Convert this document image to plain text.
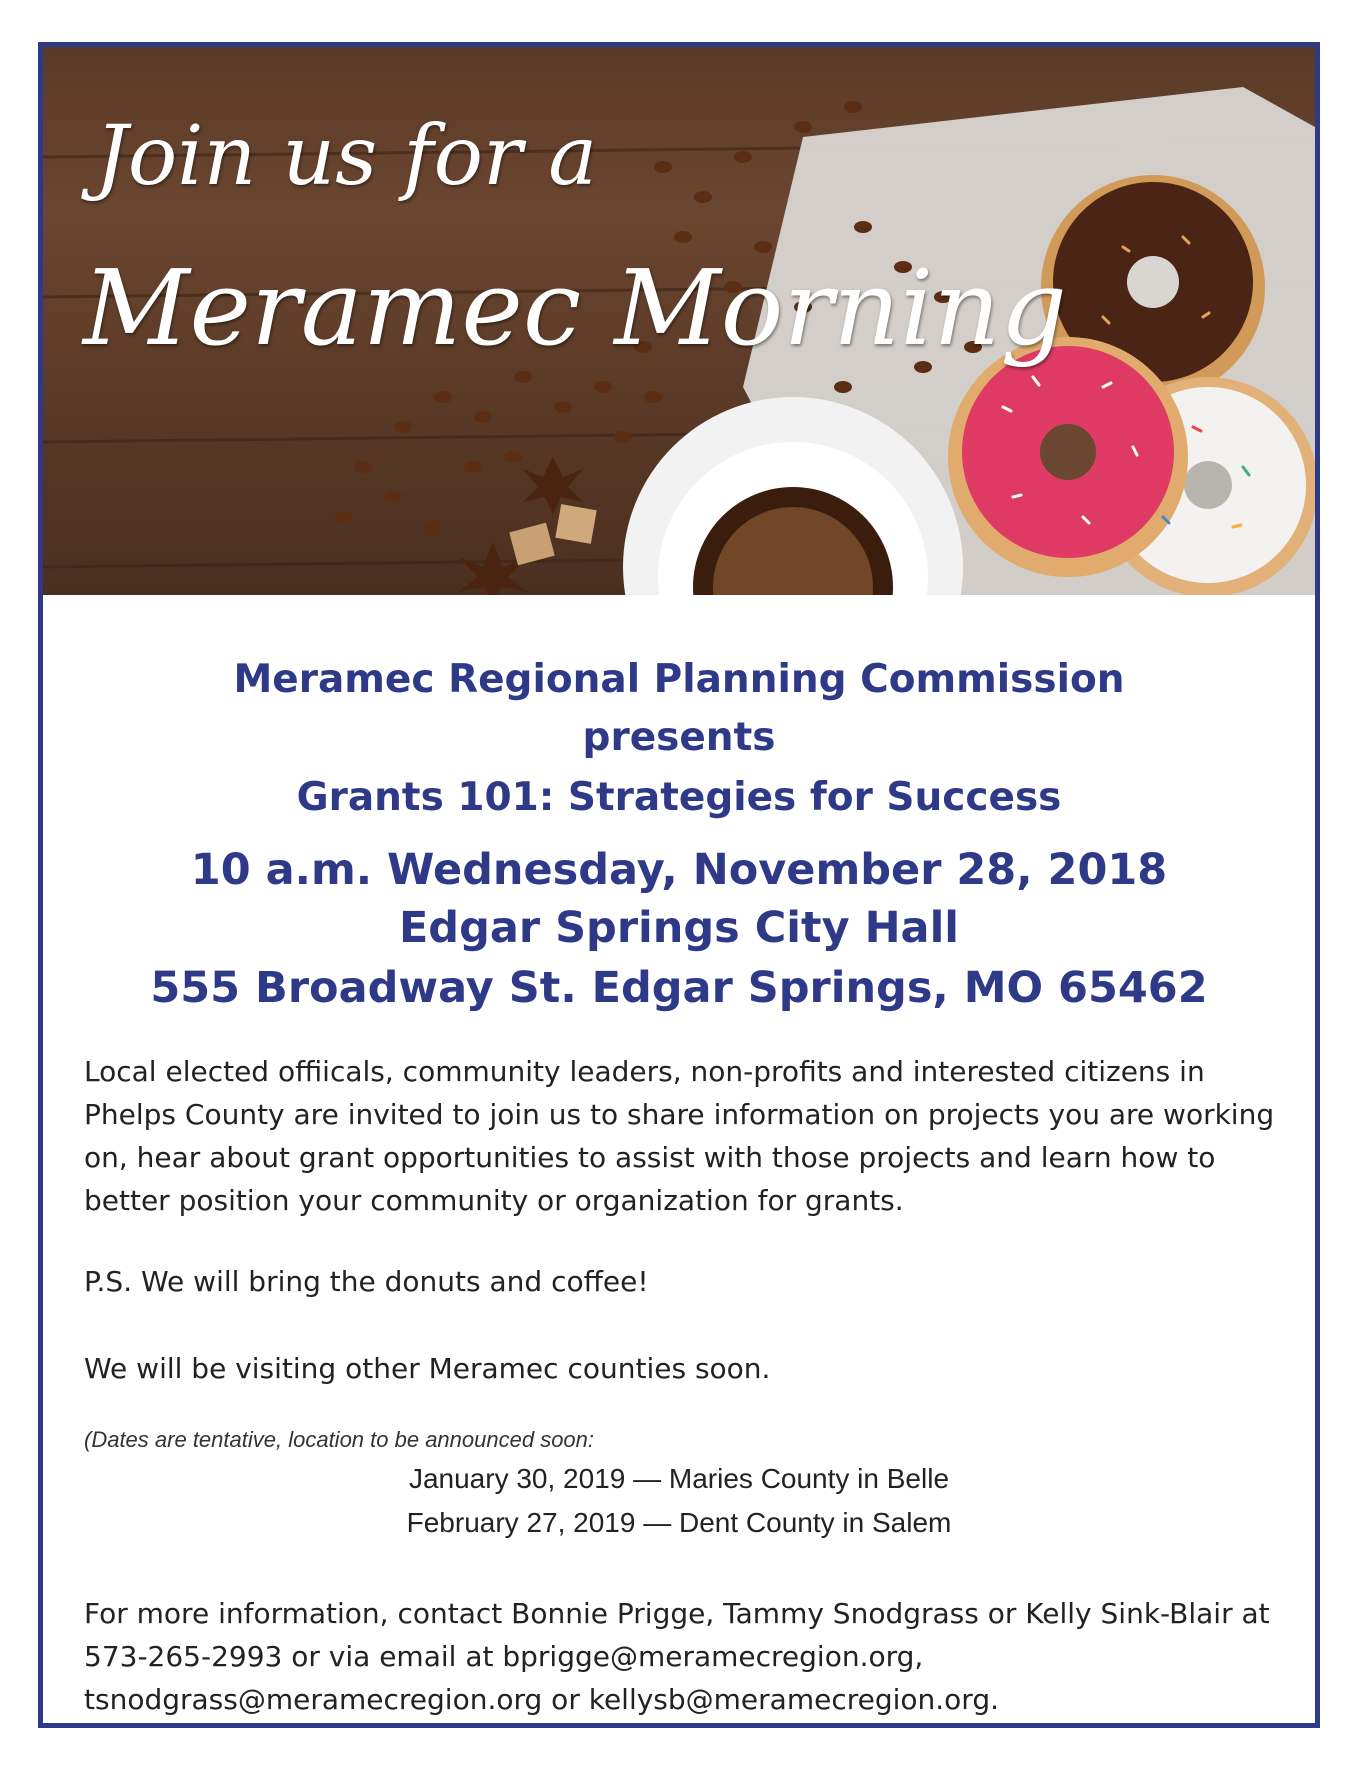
Join us for a
Meramec Morning
Meramec Regional Planning Commission
presents
Grants 101: Strategies for Success
10 a.m. Wednesday, November 28, 2018
Edgar Springs City Hall
555 Broadway St. Edgar Springs, MO 65462
Local elected offiicals, community leaders, non-profits and interested citizens in Phelps County are invited to join us to share information on projects you are working on, hear about grant opportunities to assist with those projects and learn how to better position your community or organization for grants.
P.S. We will bring the donuts and coffee!
We will be visiting other Meramec counties soon.
(Dates are tentative, location to be announced soon:
January 30, 2019 — Maries County in Belle
February 27, 2019 — Dent County in Salem
For more information, contact Bonnie Prigge, Tammy Snodgrass or Kelly Sink-Blair at 573-265-2993 or via email at bprigge@meramecregion.org, tsnodgrass@meramecregion.org or kellysb@meramecregion.org.
